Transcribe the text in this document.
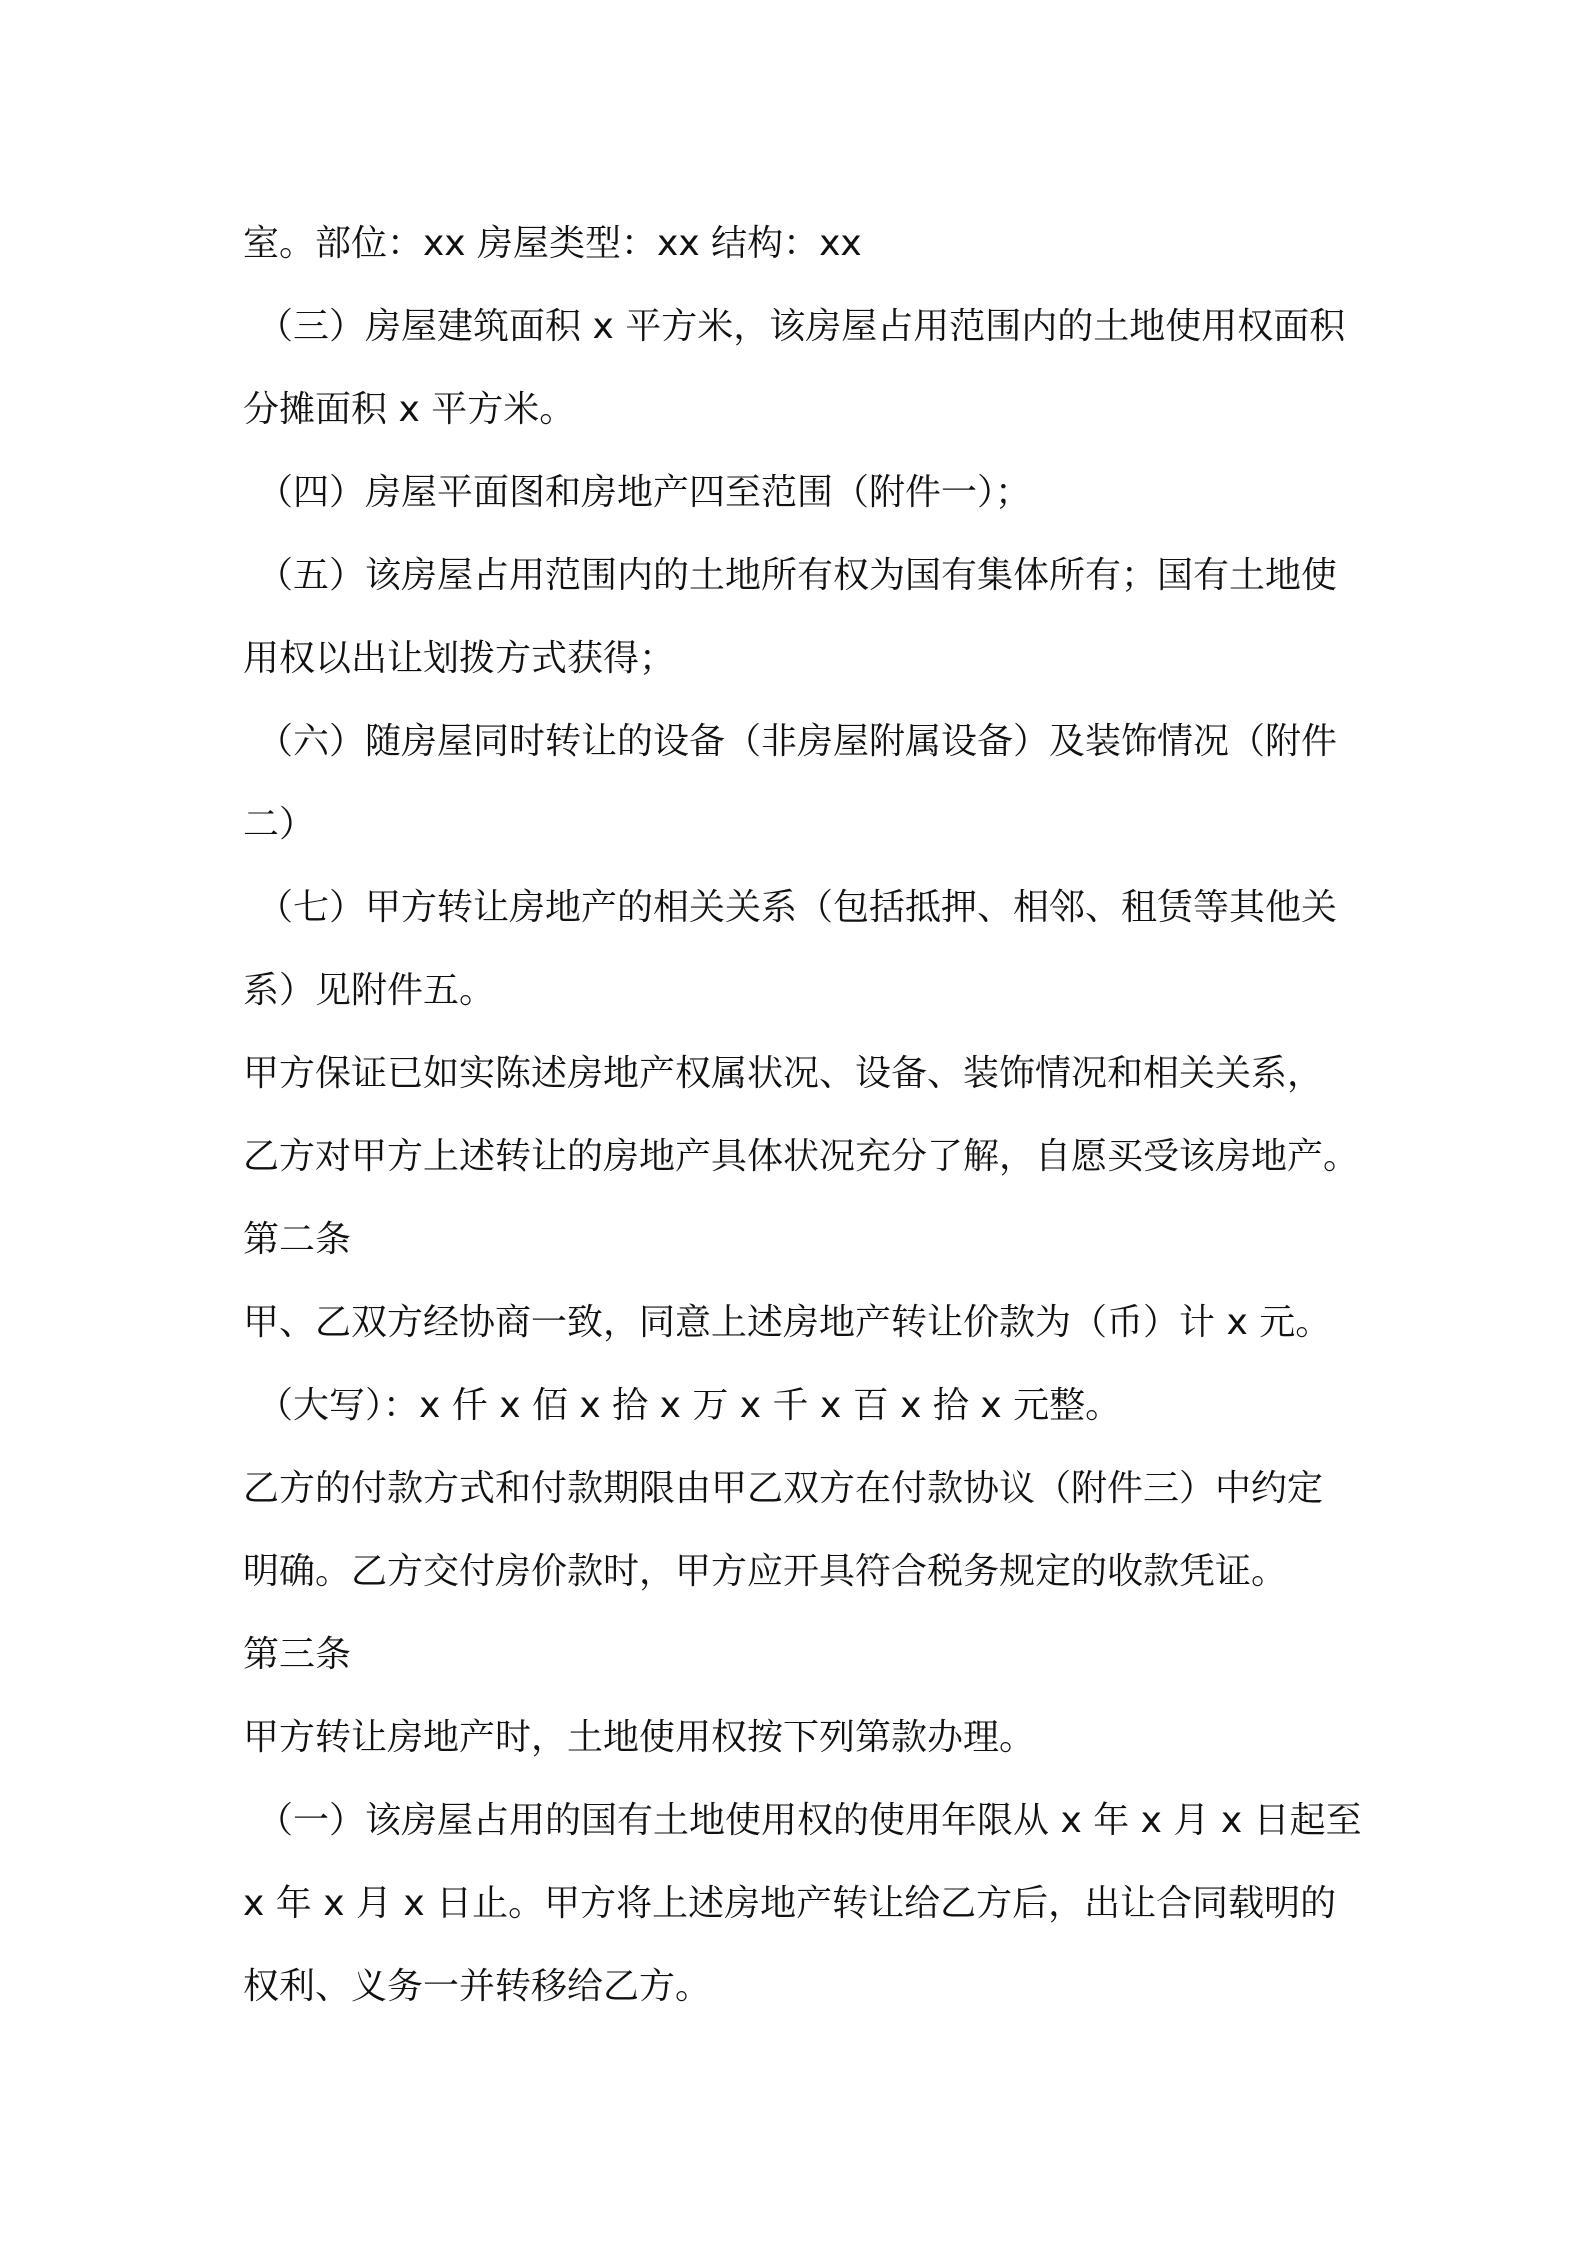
室。部位：xx 房屋类型：xx 结构：xx
（三）房屋建筑面积 x 平方米，该房屋占用范围内的土地使用权面积
分摊面积 x 平方米。
（四）房屋平面图和房地产四至范围（附件一）；
（五）该房屋占用范围内的土地所有权为国有集体所有；国有土地使
用权以出让划拨方式获得；
（六）随房屋同时转让的设备（非房屋附属设备）及装饰情况（附件
二）
（七）甲方转让房地产的相关关系（包括抵押、相邻、租赁等其他关
系）见附件五。
甲方保证已如实陈述房地产权属状况、设备、装饰情况和相关关系，
乙方对甲方上述转让的房地产具体状况充分了解，自愿买受该房地产。
第二条
甲、乙双方经协商一致，同意上述房地产转让价款为（币）计 x 元。
（大写）：x 仟 x 佰 x 拾 x 万 x 千 x 百 x 拾 x 元整。
乙方的付款方式和付款期限由甲乙双方在付款协议（附件三）中约定
明确。乙方交付房价款时，甲方应开具符合税务规定的收款凭证。
第三条
甲方转让房地产时，土地使用权按下列第款办理。
（一）该房屋占用的国有土地使用权的使用年限从 x 年 x 月 x 日起至
x 年 x 月 x 日止。甲方将上述房地产转让给乙方后，出让合同载明的
权利、义务一并转移给乙方。
